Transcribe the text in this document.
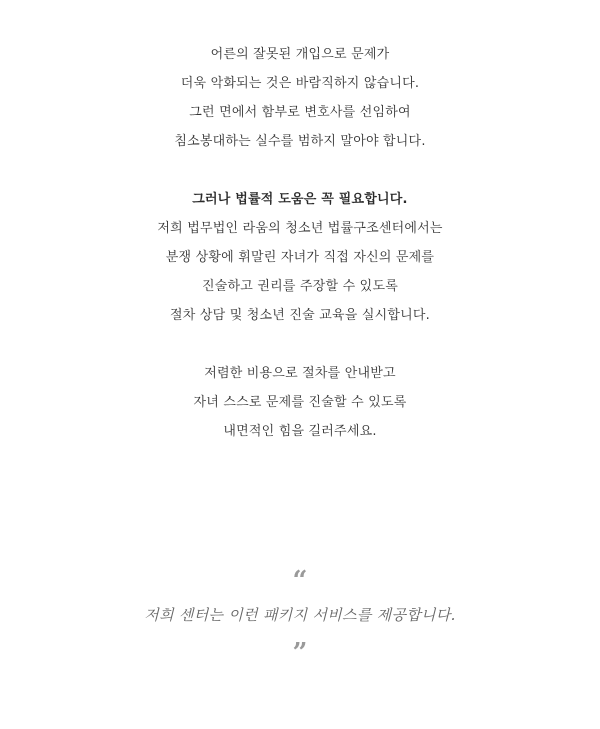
어른의 잘못된 개입으로 문제가
더욱 악화되는 것은 바람직하지 않습니다.
그런 면에서 함부로 변호사를 선임하여
침소봉대하는 실수를 범하지 말아야 합니다.
그러나 법률적 도움은 꼭 필요합니다.
저희 법무법인 라움의 청소년 법률구조센터에서는
분쟁 상황에 휘말린 자녀가 직접 자신의 문제를
진술하고 권리를 주장할 수 있도록
절차 상담 및 청소년 진술 교육을 실시합니다.
저렴한 비용으로 절차를 안내받고
자녀 스스로 문제를 진술할 수 있도록
내면적인 힘을 길러주세요.
“
저희 센터는 이런 패키지 서비스를 제공합니다.
”
